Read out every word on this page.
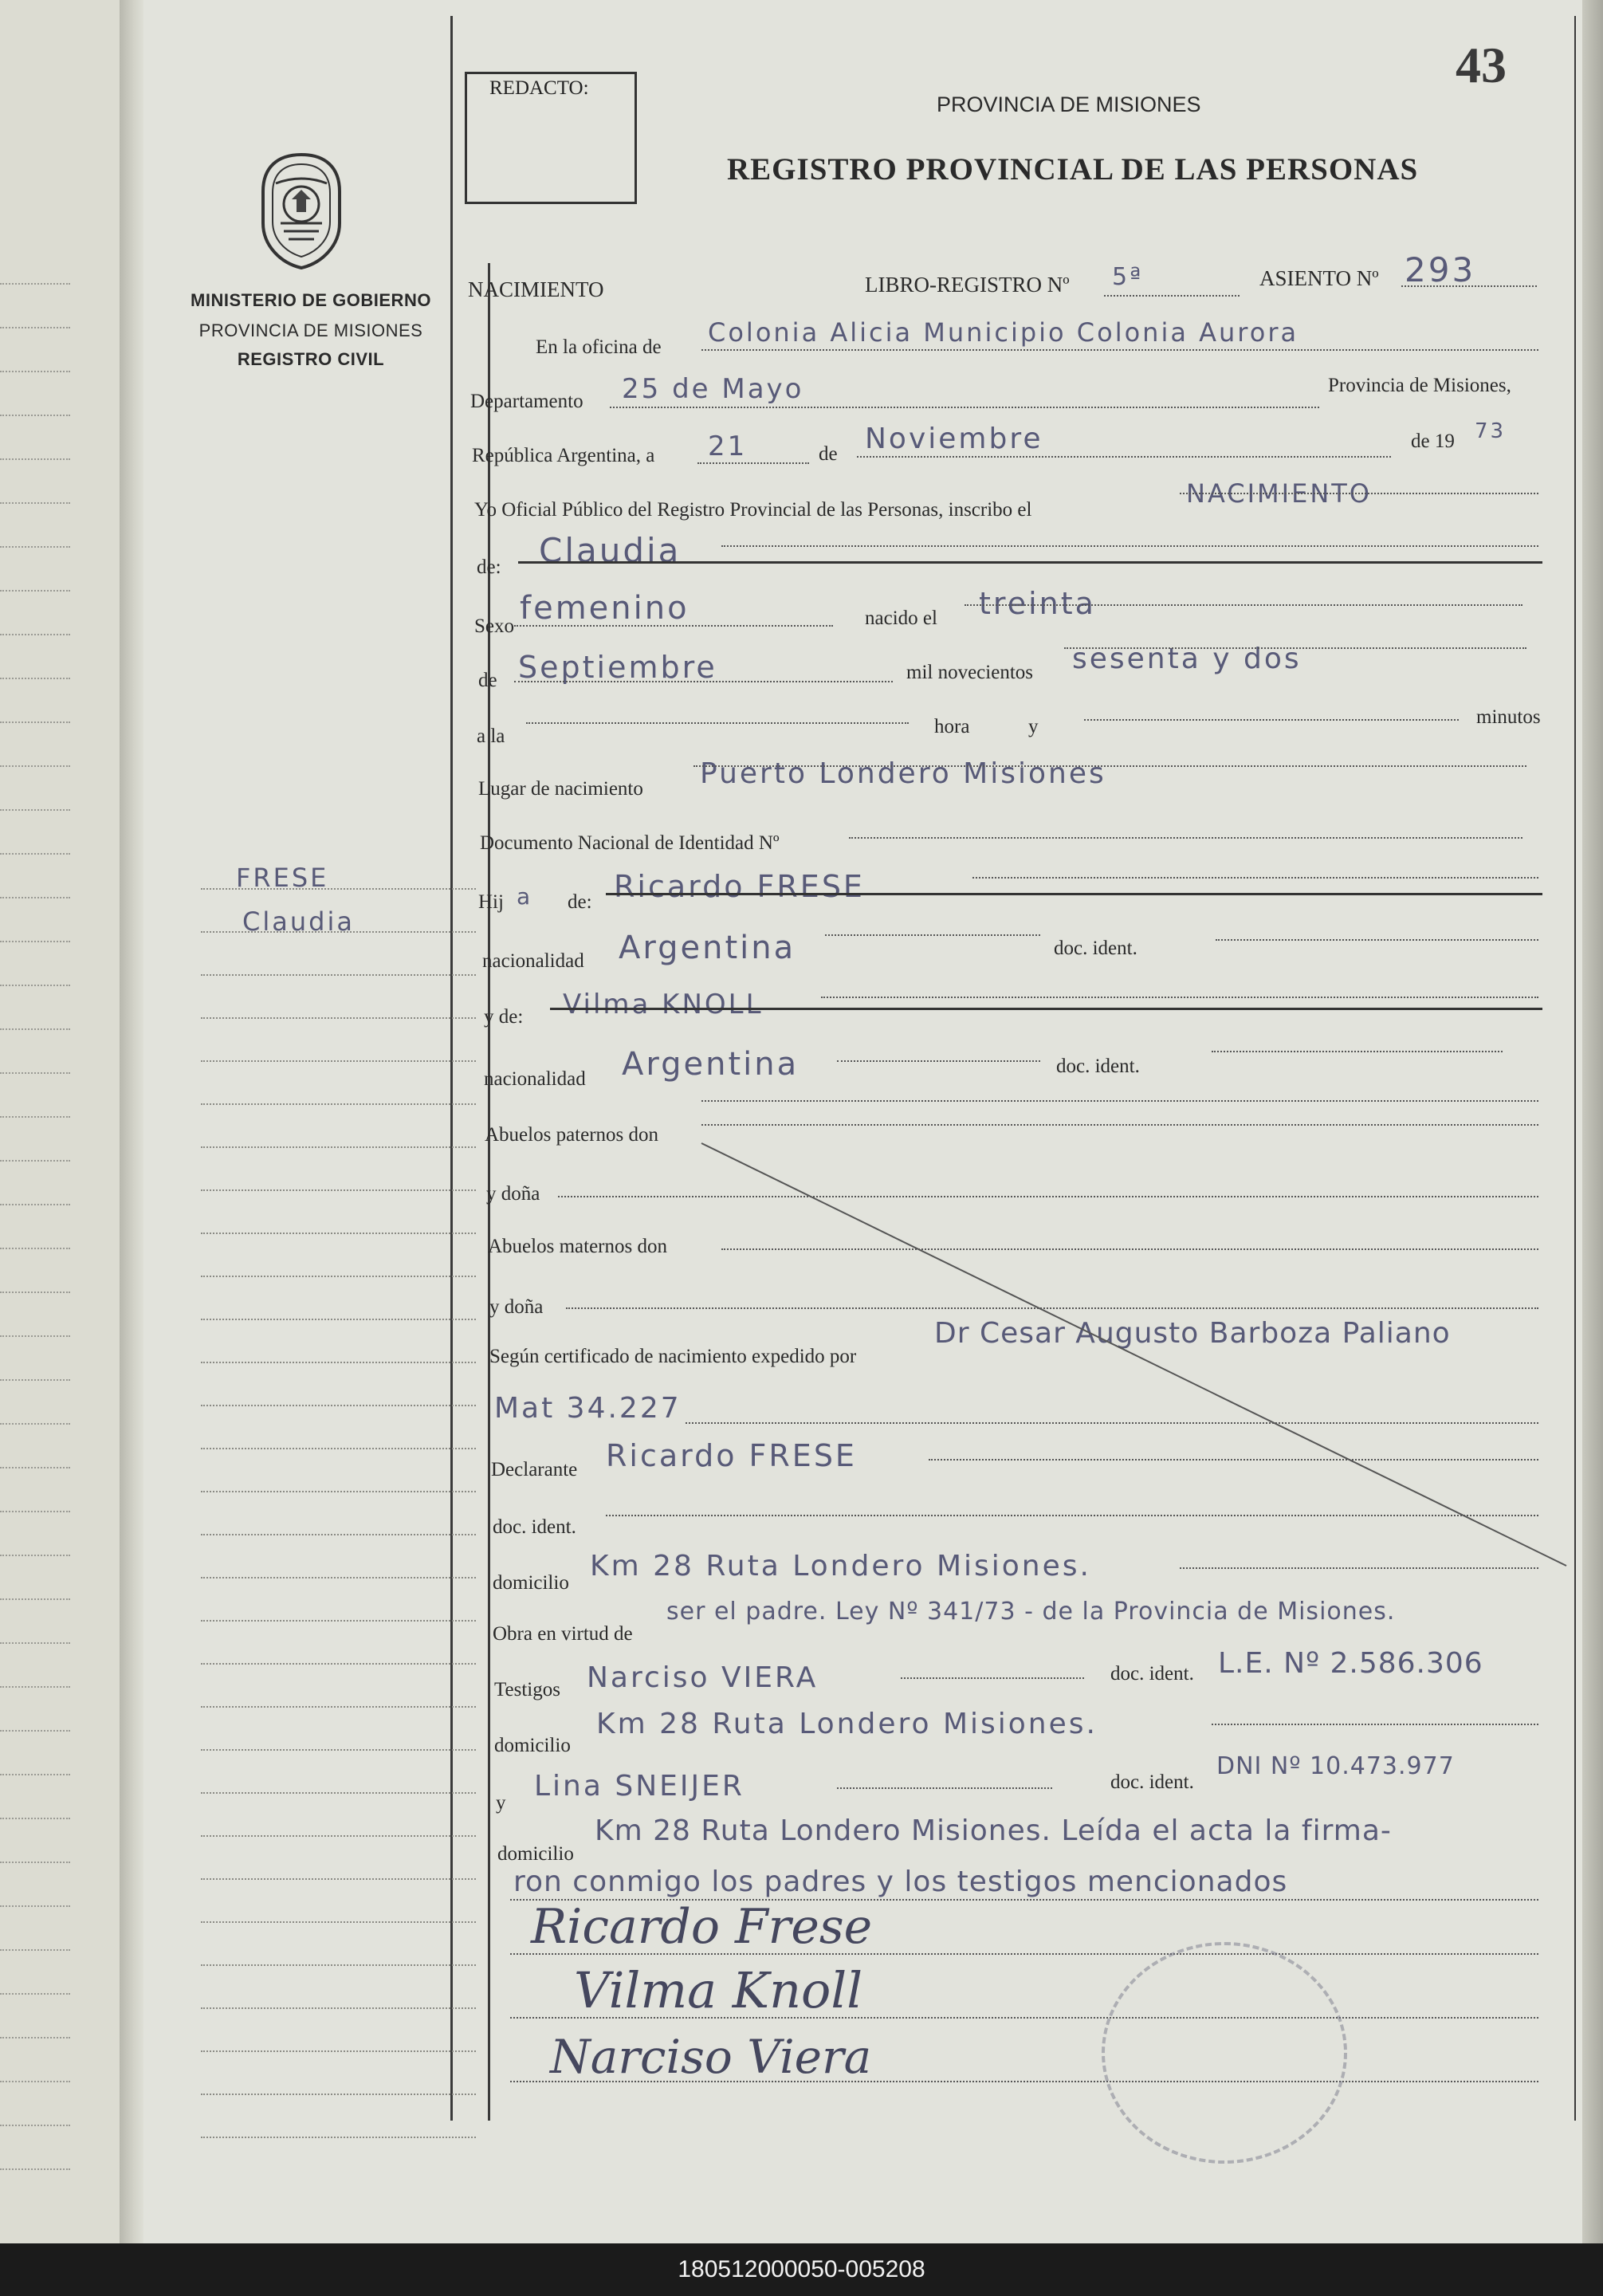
43
MINISTERIO DE GOBIERNO
PROVINCIA DE MISIONES
REGISTRO CIVIL
FRESE
Claudia
REDACTO:
PROVINCIA DE MISIONES
REGISTRO PROVINCIAL DE LAS PERSONAS
NACIMIENTO	LIBRO-REGISTRO Nº 5ª	ASIENTO Nº 293
En la oficina de Colonia Alicia Municipio Colonia Aurora
Departamento 25 de Mayo	Provincia de Misiones,
República Argentina, a 21	de Noviembre	de 19 73
Yo Oficial Público del Registro Provincial de las Personas, inscribo el
NACIMIENTO
de: Claudia
Sexo femenino	nacido el treinta
de Septiembre	mil novecientos sesenta y dos
a la	hora	y	minutos
Lugar de nacimiento Puerto Londero Misiones
Documento Nacional de Identidad Nº
Hij a de: Ricardo FRESE
nacionalidad Argentina	doc. ident.
y de: Vilma KNOLL
nacionalidad Argentina	doc. ident.
Abuelos paternos don
y doña
Abuelos maternos don
y doña
Según certificado de nacimiento expedido por
Dr Cesar Augusto Barboza Paliano
Mat 34.227
Declarante Ricardo FRESE
doc. ident.
domicilio
Km 28 Ruta Londero Misiones.
Obra en virtud de
ser el padre. Ley Nº 341/73 - de la Provincia de Misiones.
Testigos Narciso VIERA	doc. ident. L.E. Nº 2.586.306
domicilio
Km 28 Ruta Londero Misiones.
y
Lina SNEIJER	doc. ident.
DNI Nº 10.473.977
domicilio
Km 28 Ruta Londero Misiones. Leída el acta la firma-
ron conmigo los padres y los testigos mencionados
Ricardo Frese
Vilma Knoll
Narciso Viera
180512000050-005208
